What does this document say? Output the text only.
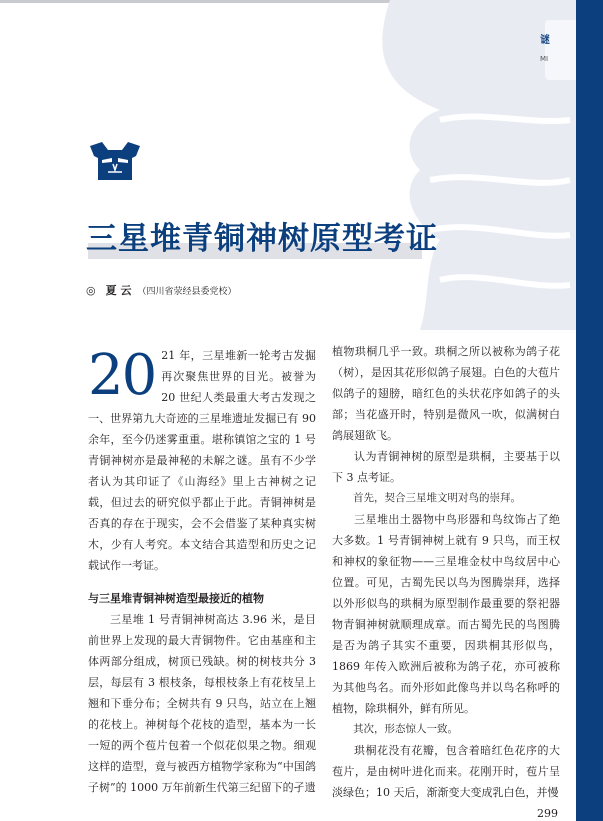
谜
MI
三星堆青铜神树原型考证
◎ 夏 云 （四川省荥经县委党校）

20 21 年，三星堆新一轮考古发掘再次聚焦世界的目光。被誉为 20 世纪人类最重大考古发现之一、世界第九大奇迹的三星堆遗址发掘已有 90 余年，至今仍迷雾重重。堪称镇馆之宝的 1 号青铜神树亦是最神秘的未解之谜。虽有不少学者认为其印证了《山海经》里上古神树之记载，但过去的研究似乎都止于此。青铜神树是否真的存在于现实，会不会借鉴了某种真实树木，少有人考究。本文结合其造型和历史之记载试作一考证。

与三星堆青铜神树造型最接近的植物

三星堆 1 号青铜神树高达 3.96 米，是目前世界上发现的最大青铜物件。它由基座和主体两部分组成，树顶已残缺。树的树枝共分 3 层，每层有 3 根枝条，每根枝条上有花枝呈上翘和下垂分布；全树共有 9 只鸟，站立在上翘的花枝上。神树每个花枝的造型，基本为一长一短的两个苞片包着一个似花似果之物。细观这样的造型，竟与被西方植物学家称为“中国鸽子树”的 1000 万年前新生代第三纪留下的孑遗

植物珙桐几乎一致。珙桐之所以被称为鸽子花（树），是因其花形似鸽子展翅。白色的大苞片似鸽子的翅膀，暗红色的头状花序如鸽子的头部；当花盛开时，特别是微风一吹，似满树白鸽展翅欲飞。

认为青铜神树的原型是珙桐，主要基于以下 3 点考证。

首先，契合三星堆文明对鸟的崇拜。

三星堆出土器物中鸟形器和鸟纹饰占了绝大多数。1 号青铜神树上就有 9 只鸟，而王权和神权的象征物——三星堆金杖中鸟纹居中心位置。可见，古蜀先民以鸟为图腾崇拜，选择以外形似鸟的珙桐为原型制作最重要的祭祀器物青铜神树就顺理成章。而古蜀先民的鸟图腾是否为鸽子其实不重要，因珙桐其形似鸟，1869 年传入欧洲后被称为鸽子花，亦可被称为其他鸟名。而外形如此像鸟并以鸟名称呼的植物，除珙桐外，鲜有所见。

其次，形态惊人一致。

珙桐花没有花瓣，包含着暗红色花序的大苞片，是由树叶进化而来。花刚开时，苞片呈淡绿色；10 天后，渐渐变大变成乳白色，并慢

299
